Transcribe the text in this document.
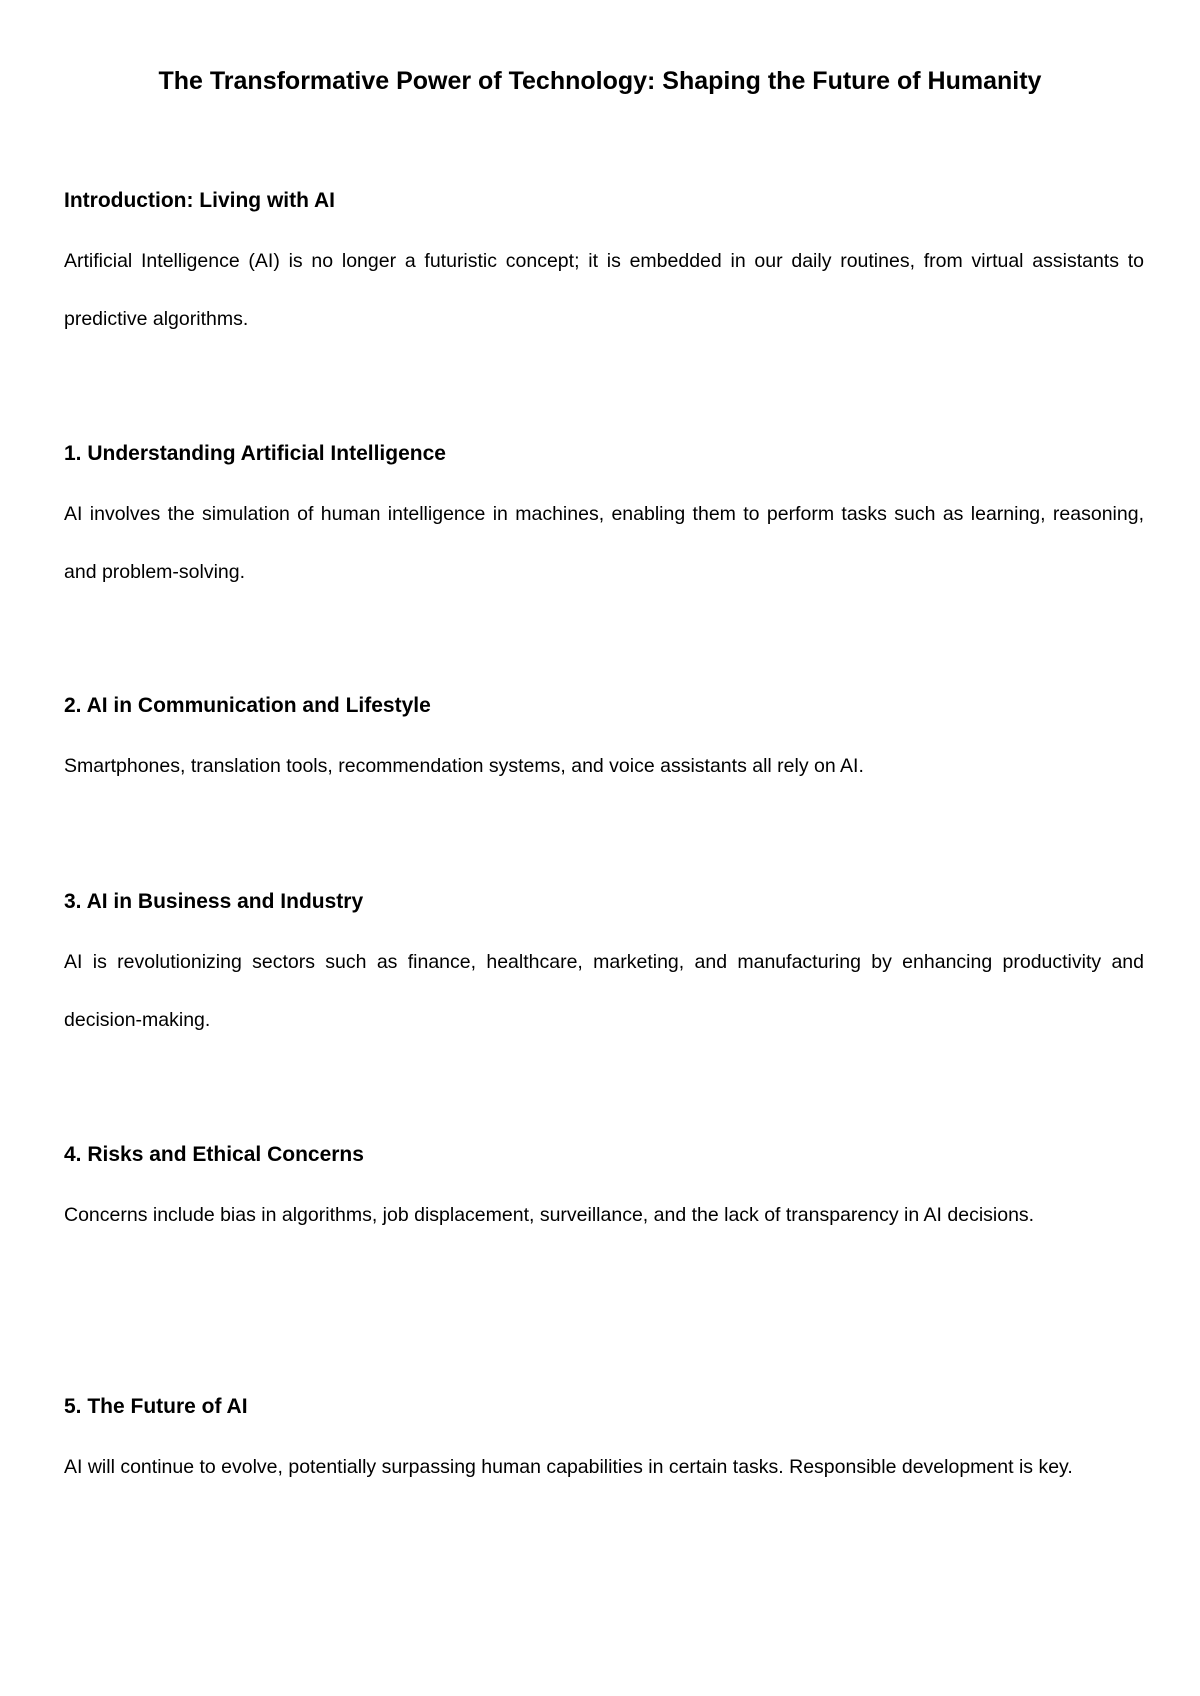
The Transformative Power of Technology: Shaping the Future of Humanity
Introduction: Living with AI

Artificial Intelligence (AI) is no longer a futuristic concept; it is embedded in our daily routines, from virtual assistants to predictive algorithms.

1. Understanding Artificial Intelligence

AI involves the simulation of human intelligence in machines, enabling them to perform tasks such as learning, reasoning, and problem-solving.

2. AI in Communication and Lifestyle

Smartphones, translation tools, recommendation systems, and voice assistants all rely on AI.

3. AI in Business and Industry

AI is revolutionizing sectors such as finance, healthcare, marketing, and manufacturing by enhancing productivity and decision-making.

4. Risks and Ethical Concerns

Concerns include bias in algorithms, job displacement, surveillance, and the lack of transparency in AI decisions.

5. The Future of AI

AI will continue to evolve, potentially surpassing human capabilities in certain tasks. Responsible development is key.
